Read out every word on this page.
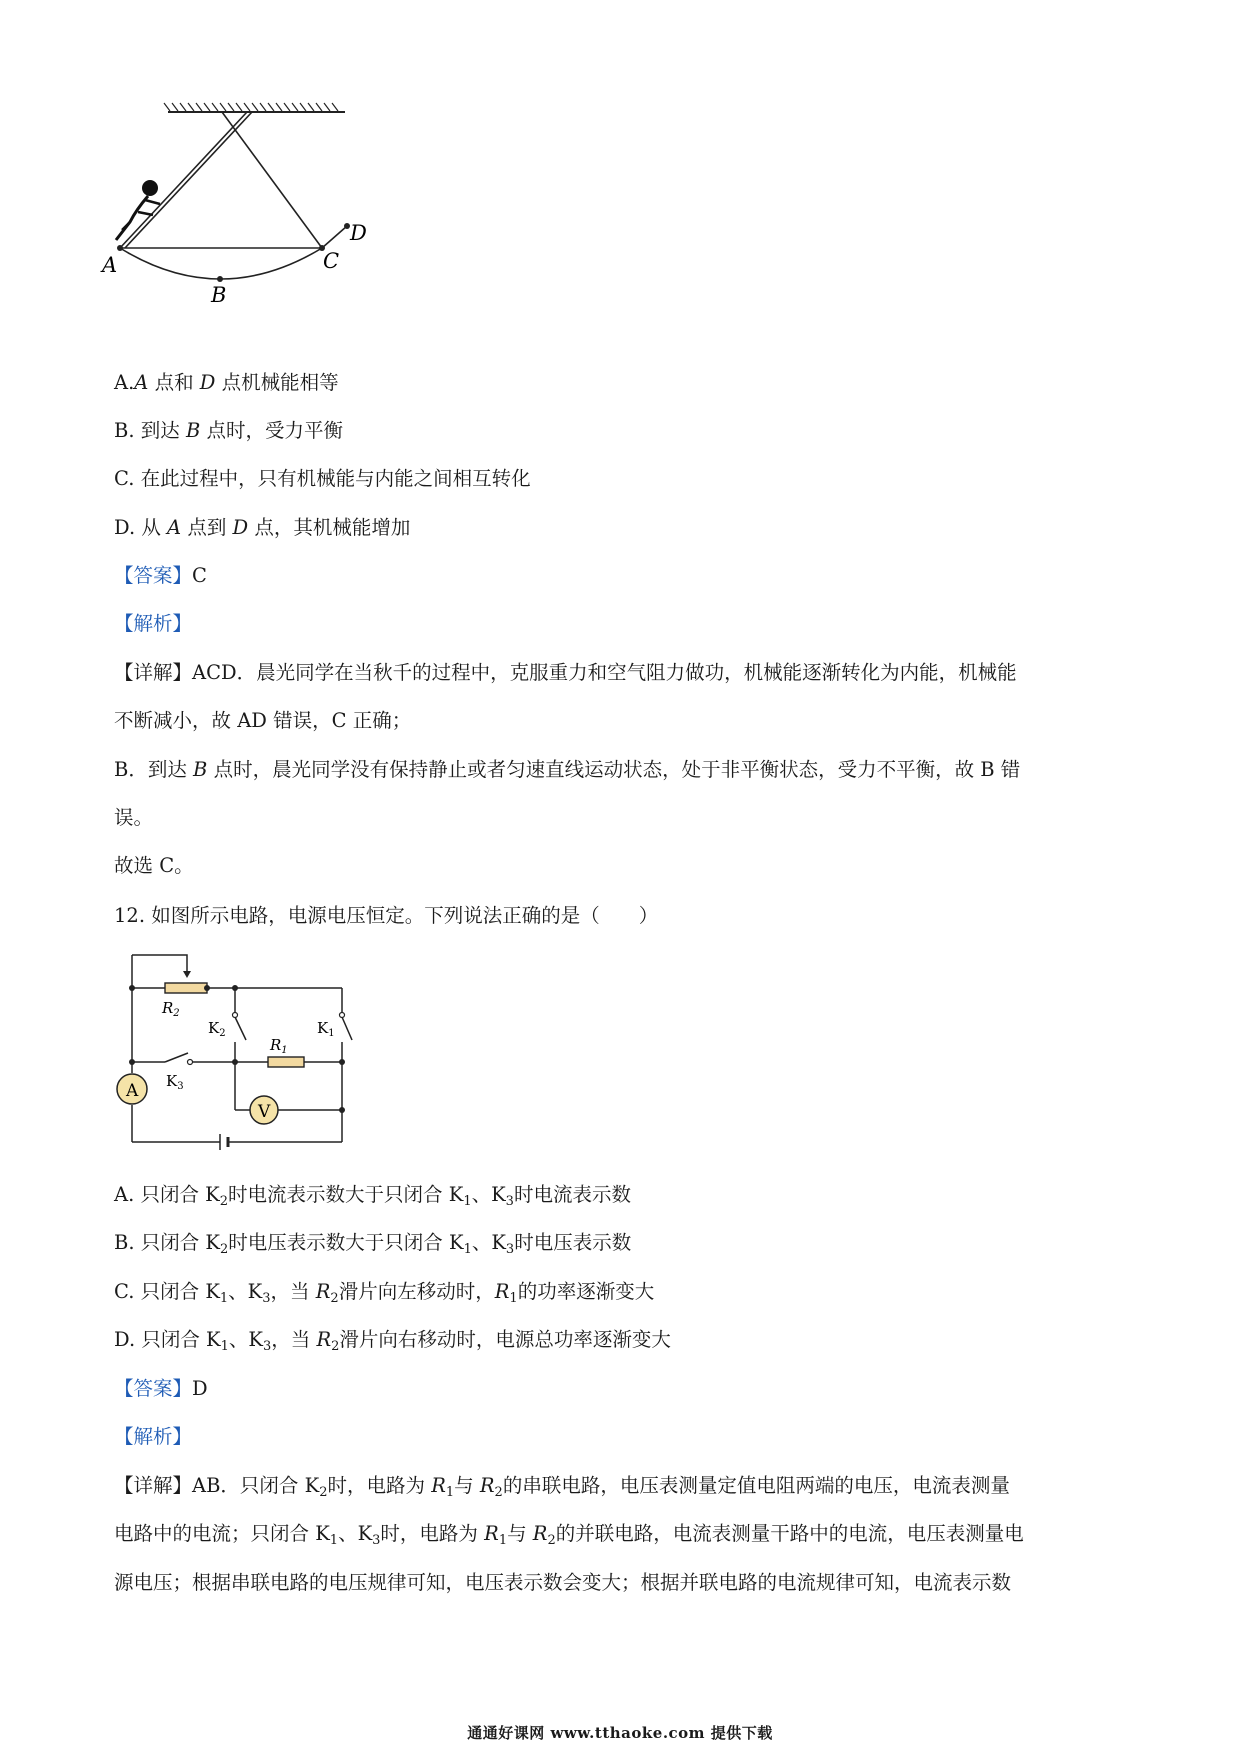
A
B
C
D
A.A 点和 D 点机械能相等
B. 到达 B 点时，受力平衡
C. 在此过程中，只有机械能与内能之间相互转化
D. 从 A 点到 D 点，其机械能增加
【答案】C
【解析】
【详解】ACD．晨光同学在当秋千的过程中，克服重力和空气阻力做功，机械能逐渐转化为内能，机械能
不断减小，故 AD 错误，C 正确；
B．到达 B 点时，晨光同学没有保持静止或者匀速直线运动状态，处于非平衡状态，受力不平衡，故 B 错
误。
故选 C。
12. 如图所示电路，电源电压恒定。下列说法正确的是（　　）
A
V
$R_2$
$R_1$
$K_2$	$K_1$
$K_3$
A. 只闭合 $K_2$时电流表示数大于只闭合 $K_1$、$K_3$时电流表示数
B. 只闭合 $K_2$时电压表示数大于只闭合 $K_1$、$K_3$时电压表示数
C. 只闭合 $K_1$、$K_3$，当 $R_2$滑片向左移动时，$R_1$的功率逐渐变大
D. 只闭合 $K_1$、$K_3$，当 $R_2$滑片向右移动时，电源总功率逐渐变大
【答案】D
【解析】
【详解】AB．只闭合 $K_2$时，电路为 $R_1$与 $R_2$的串联电路，电压表测量定值电阻两端的电压，电流表测量
电路中的电流；只闭合 $K_1$、$K_3$时，电路为 $R_1$与 $R_2$的并联电路，电流表测量干路中的电流，电压表测量电
源电压；根据串联电路的电压规律可知，电压表示数会变大；根据并联电路的电流规律可知，电流表示数
通通好课网 www.tthaoke.com 提供下载
